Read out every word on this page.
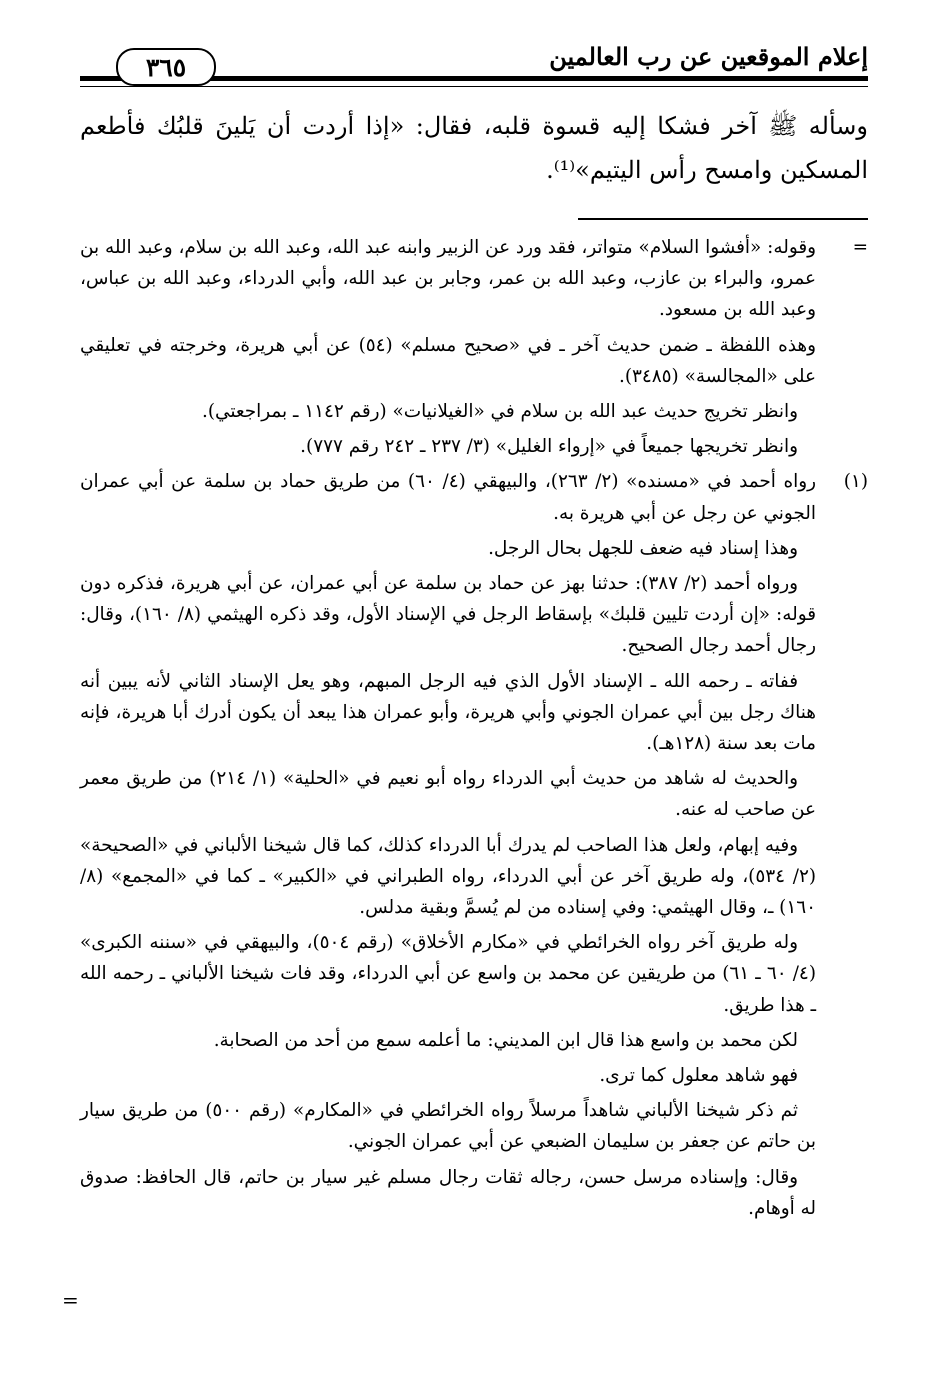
إعلام الموقعين عن رب العالمين
٣٦٥
وسأله ﷺ آخر فشكا إليه قسوة قلبه، فقال: «إذا أردت أن يَلينَ قلبُك فأطعم المسكين وامسح رأس اليتيم»⁽¹⁾.

=
وقوله: «أفشوا السلام» متواتر، فقد ورد عن الزبير وابنه عبد الله، وعبد الله بن سلام، وعبد الله بن عمرو، والبراء بن عازب، وعبد الله بن عمر، وجابر بن عبد الله، وأبي الدرداء، وعبد الله بن عباس، وعبد الله بن مسعود.

وهذه اللفظة ـ ضمن حديث آخر ـ في «صحيح مسلم» (٥٤) عن أبي هريرة، وخرجته في تعليقي على «المجالسة» (٣٤٨٥).

وانظر تخريج حديث عبد الله بن سلام في «الغيلانيات» (رقم ١١٤٢ ـ بمراجعتي).

وانظر تخريجها جميعاً في «إرواء الغليل» (٣/ ٢٣٧ ـ ٢٤٢ رقم ٧٧٧).

(١)
رواه أحمد في «مسنده» (٢/ ٢٦٣)، والبيهقي (٤/ ٦٠) من طريق حماد بن سلمة عن أبي عمران الجوني عن رجل عن أبي هريرة به.

وهذا إسناد فيه ضعف للجهل بحال الرجل.

ورواه أحمد (٢/ ٣٨٧): حدثنا بهز عن حماد بن سلمة عن أبي عمران، عن أبي هريرة، فذكره دون قوله: «إن أردت تليين قلبك» بإسقاط الرجل في الإسناد الأول، وقد ذكره الهيثمي (٨/ ١٦٠)، وقال: رجال أحمد رجال الصحيح.

ففاته ـ رحمه الله ـ الإسناد الأول الذي فيه الرجل المبهم، وهو يعل الإسناد الثاني لأنه يبين أنه هناك رجل بين أبي عمران الجوني وأبي هريرة، وأبو عمران هذا يبعد أن يكون أدرك أبا هريرة، فإنه مات بعد سنة (١٢٨هـ).

والحديث له شاهد من حديث أبي الدرداء رواه أبو نعيم في «الحلية» (١/ ٢١٤) من طريق معمر عن صاحب له عنه.

وفيه إبهام، ولعل هذا الصاحب لم يدرك أبا الدرداء كذلك، كما قال شيخنا الألباني في «الصحيحة» (٢/ ٥٣٤)، وله طريق آخر عن أبي الدرداء، رواه الطبراني في «الكبير» ـ كما في «المجمع» (٨/ ١٦٠) ـ، وقال الهيثمي: وفي إسناده من لم يُسمَّ وبقية مدلس.

وله طريق آخر رواه الخرائطي في «مكارم الأخلاق» (رقم ٥٠٤)، والبيهقي في «سننه الكبرى» (٤/ ٦٠ ـ ٦١) من طريقين عن محمد بن واسع عن أبي الدرداء، وقد فات شيخنا الألباني ـ رحمه الله ـ هذا طريق.

لكن محمد بن واسع هذا قال ابن المديني: ما أعلمه سمع من أحد من الصحابة.

فهو شاهد معلول كما ترى.

ثم ذكر شيخنا الألباني شاهداً مرسلاً رواه الخرائطي في «المكارم» (رقم ٥٠٠) من طريق سيار بن حاتم عن جعفر بن سليمان الضبعي عن أبي عمران الجوني.

وقال: وإسناده مرسل حسن، رجاله ثقات رجال مسلم غير سيار بن حاتم، قال الحافظ: صدوق له أوهام.

=
